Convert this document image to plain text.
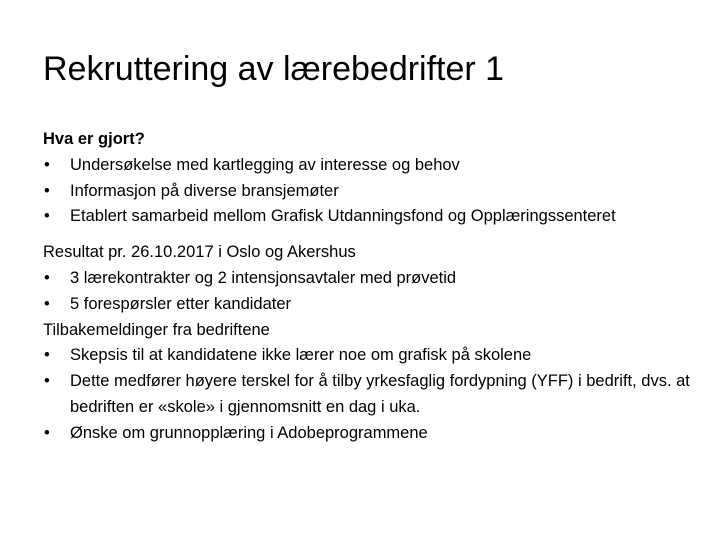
Rekruttering av lærebedrifter 1
Hva er gjort?
•	Undersøkelse med kartlegging av interesse og behov
•	Informasjon på diverse bransjemøter
•	Etablert samarbeid mellom Grafisk Utdanningsfond og Opplæringssenteret
Resultat pr. 26.10.2017 i Oslo og Akershus
•	3 lærekontrakter og 2 intensjonsavtaler med prøvetid
•	5 forespørsler etter kandidater
Tilbakemeldinger fra bedriftene
•	Skepsis til at kandidatene ikke lærer noe om grafisk på skolene
•	Dette medfører høyere terskel for å tilby yrkesfaglig fordypning (YFF) i bedrift, dvs. at bedriften er «skole» i gjennomsnitt en dag i uka.
•	Ønske om grunnopplæring i Adobeprogrammene
